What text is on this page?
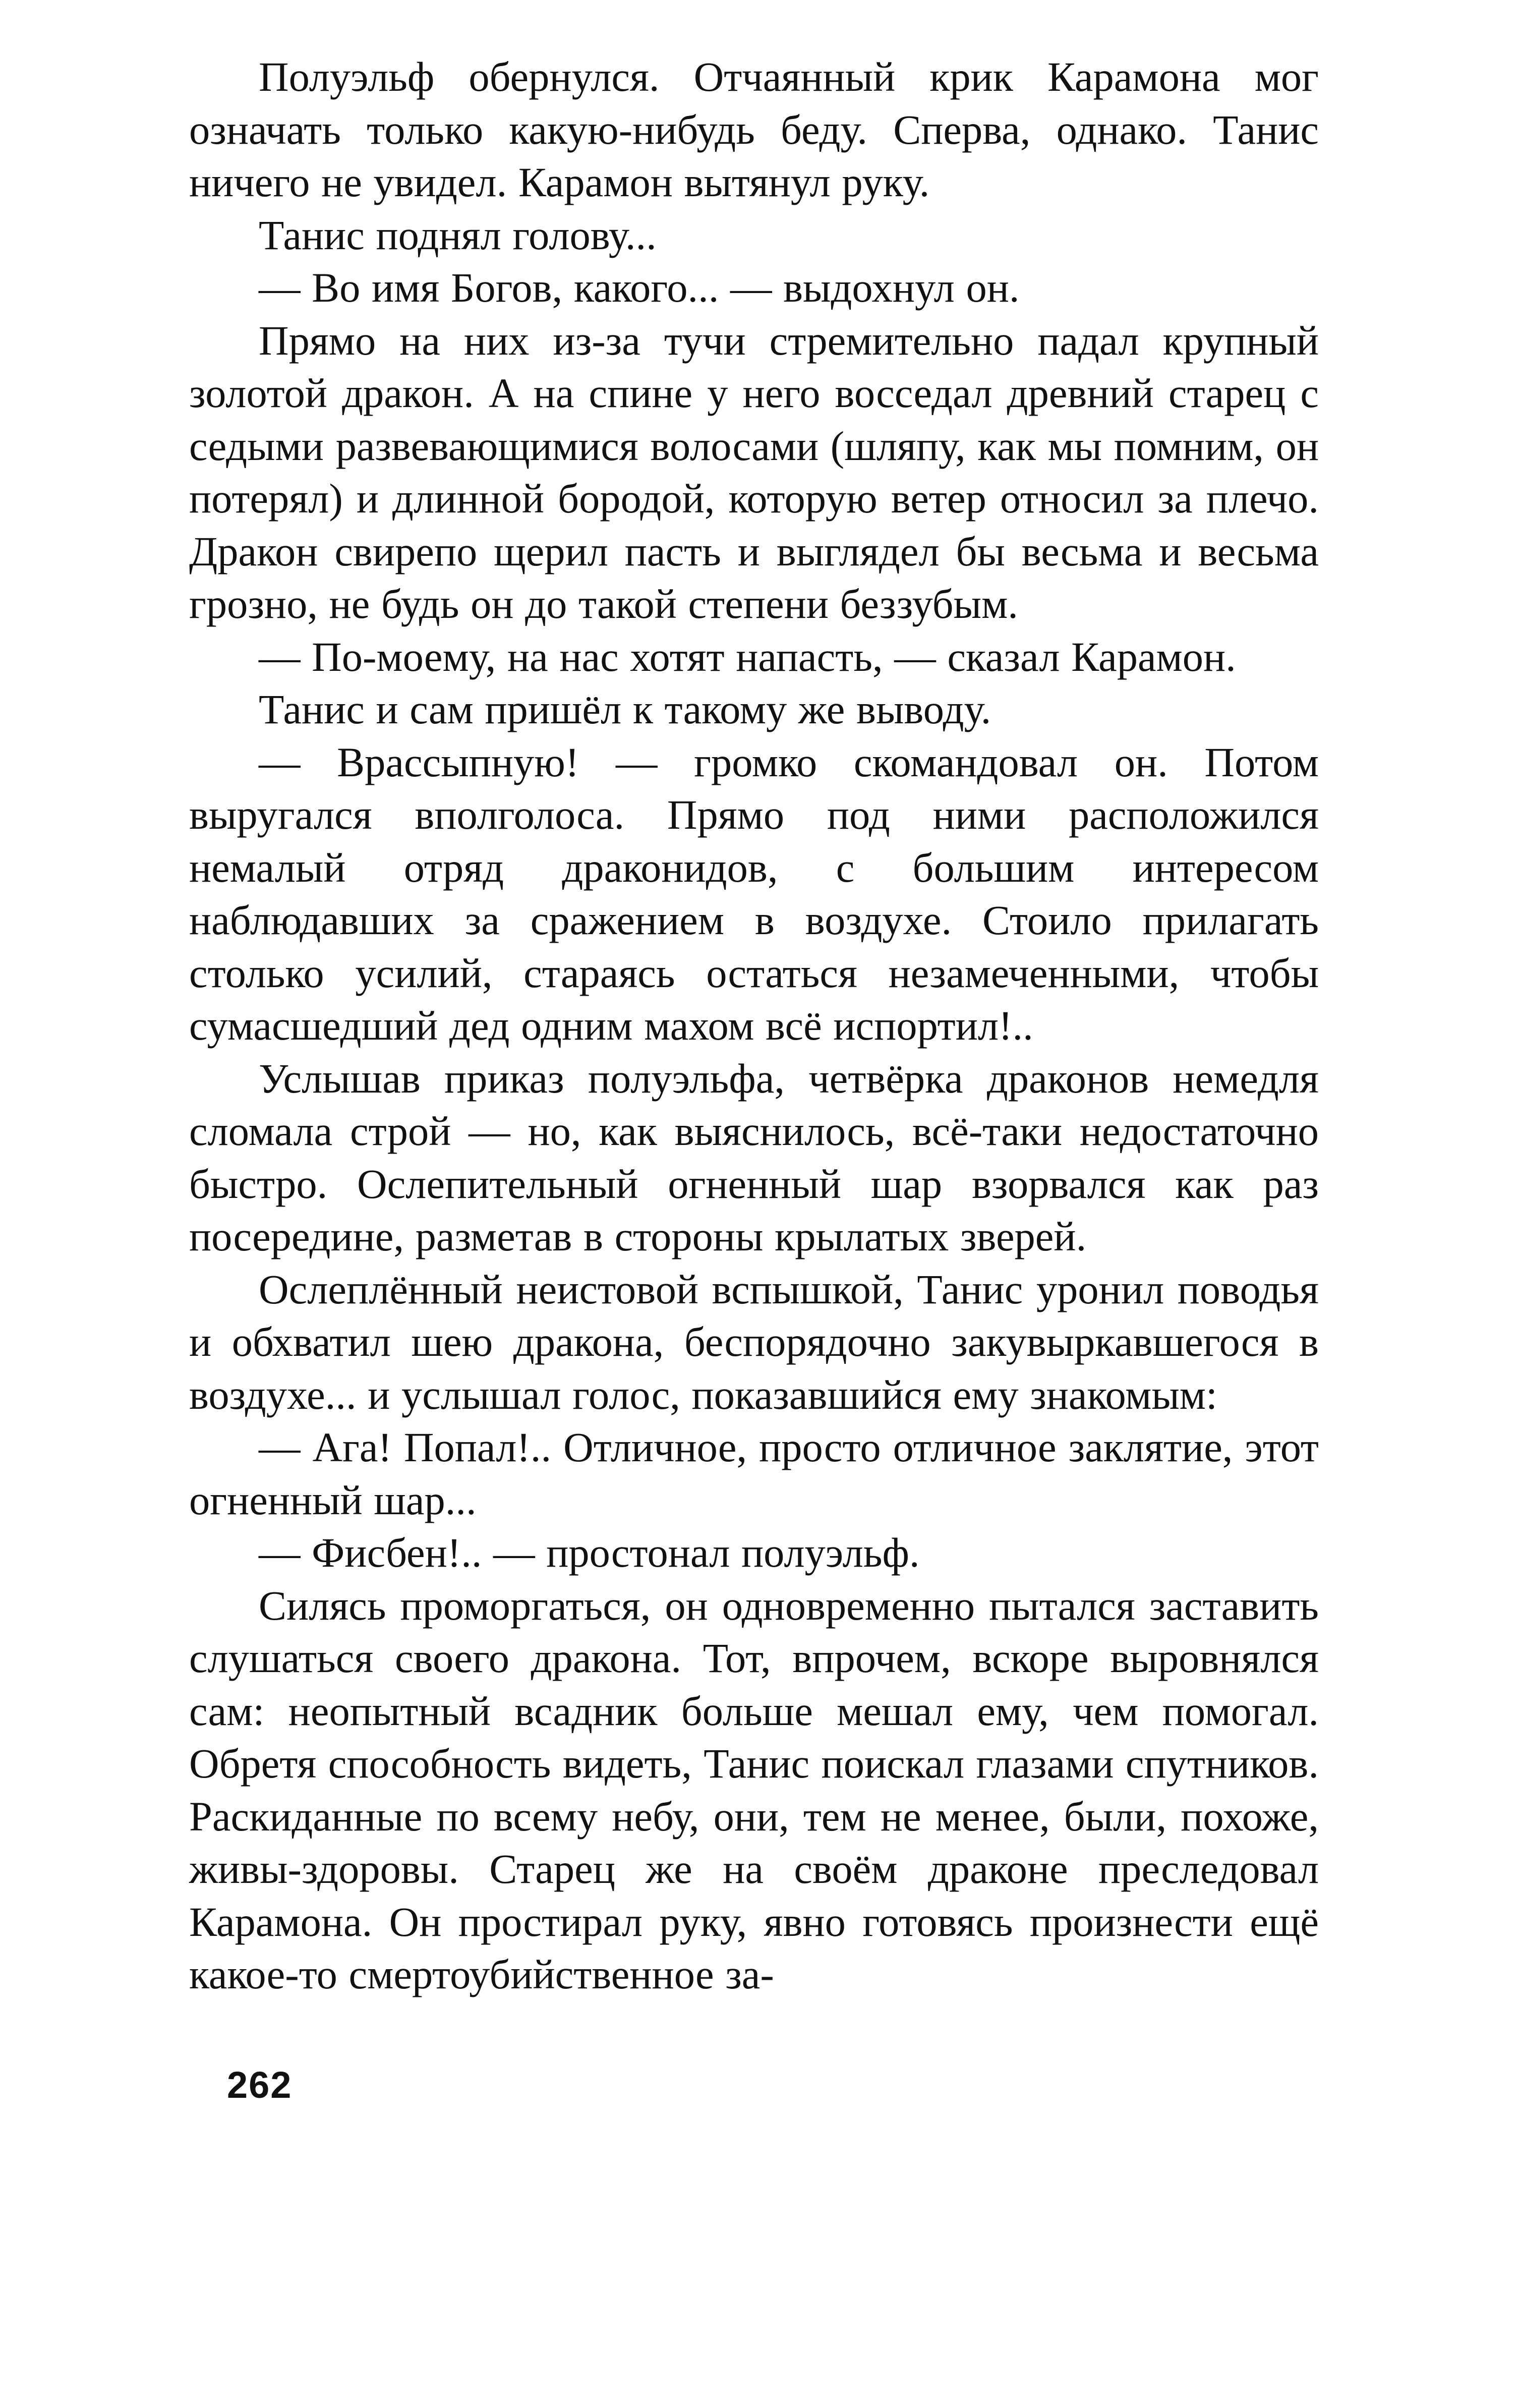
Полуэльф обернулся. Отчаянный крик Карамона мог означать только какую-нибудь беду. Сперва, однако. Танис ничего не увидел. Карамон вытянул руку.

Танис поднял голову...

— Во имя Богов, какого... — выдохнул он.

Прямо на них из-за тучи стремительно падал крупный золотой дракон. А на спине у него восседал древний старец с седыми развевающимися волосами (шляпу, как мы помним, он потерял) и длинной бородой, которую ветер относил за плечо. Дракон свирепо щерил пасть и выглядел бы весьма и весьма грозно, не будь он до такой степени беззубым.

— По-моему, на нас хотят напасть, — сказал Карамон.

Танис и сам пришёл к такому же выводу.

— Врассыпную! — громко скомандовал он. Потом выругался вполголоса. Прямо под ними расположился немалый отряд драконидов, с большим интересом наблюдавших за сражением в воздухе. Стоило прилагать столько усилий, стараясь остаться незамеченными, чтобы сумасшедший дед одним махом всё испортил!..

Услышав приказ полуэльфа, четвёрка драконов немедля сломала строй — но, как выяснилось, всё-таки недостаточно быстро. Ослепительный огненный шар взорвался как раз посередине, разметав в стороны крылатых зверей.

Ослеплённый неистовой вспышкой, Танис уронил поводья и обхватил шею дракона, беспорядочно закувыркавшегося в воздухе... и услышал голос, показавшийся ему знакомым:

— Ага! Попал!.. Отличное, просто отличное заклятие, этот огненный шар...

— Фисбен!.. — простонал полуэльф.

Силясь проморгаться, он одновременно пытался заставить слушаться своего дракона. Тот, впрочем, вскоре выровнялся сам: неопытный всадник больше мешал ему, чем помогал. Обретя способность видеть, Танис поискал глазами спутников. Раскиданные по всему небу, они, тем не менее, были, похоже, живы-здоровы. Старец же на своём драконе преследовал Карамона. Он простирал руку, явно готовясь произнести ещё какое-то смертоубийственное за-

262
